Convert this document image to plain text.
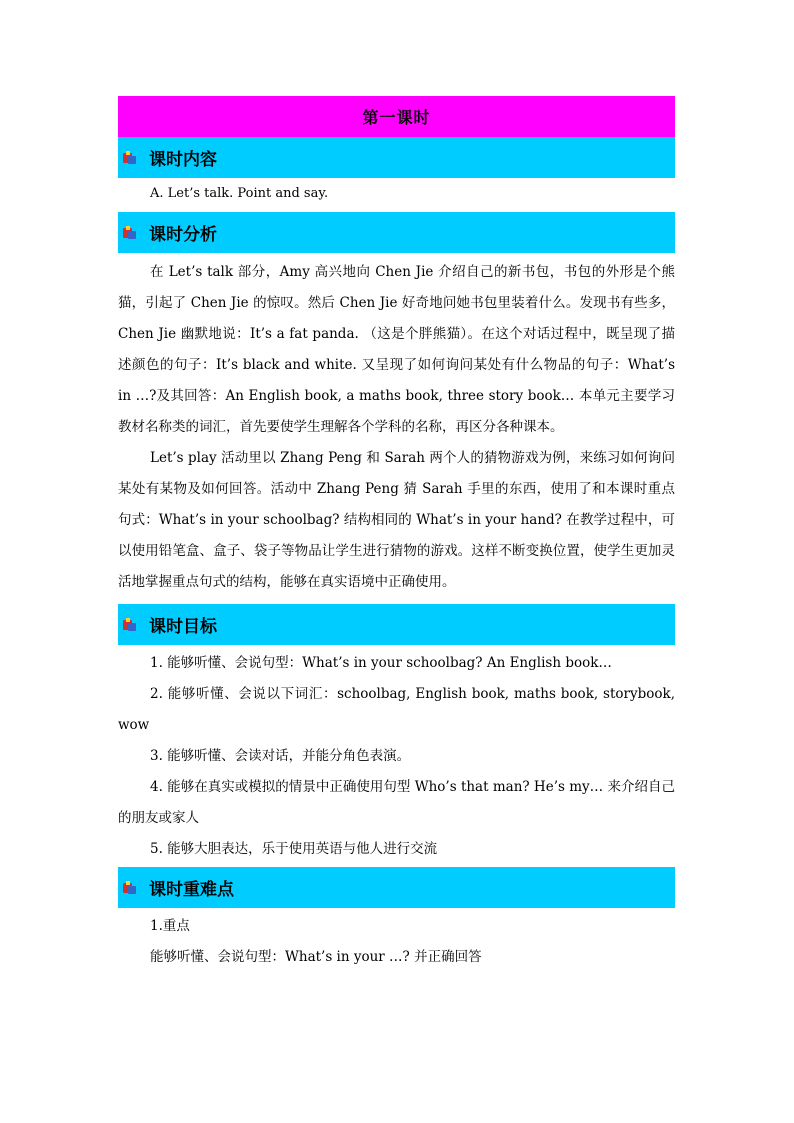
第一课时
课时内容
A. Let’s talk. Point and say.
课时分析

在 Let’s talk 部分，Amy 高兴地向 Chen Jie 介绍自己的新书包，书包的外形是个熊猫，引起了 Chen Jie 的惊叹。然后 Chen Jie 好奇地问她书包里装着什么。发现书有些多，Chen Jie 幽默地说：It’s a fat panda. （这是个胖熊猫）。在这个对话过程中，既呈现了描述颜色的句子：It’s black and white. 又呈现了如何询问某处有什么物品的句子：What’s in …?及其回答：An English book, a maths book, three story book… 本单元主要学习教材名称类的词汇，首先要使学生理解各个学科的名称，再区分各种课本。

Let’s play 活动里以 Zhang Peng 和 Sarah 两个人的猜物游戏为例，来练习如何询问某处有某物及如何回答。活动中 Zhang Peng 猜 Sarah 手里的东西，使用了和本课时重点句式：What’s in your schoolbag? 结构相同的 What’s in your hand? 在教学过程中，可以使用铅笔盒、盒子、袋子等物品让学生进行猜物的游戏。这样不断变换位置，使学生更加灵活地掌握重点句式的结构，能够在真实语境中正确使用。

课时目标

1. 能够听懂、会说句型：What’s in your schoolbag? An English book…

2. 能够听懂、会说以下词汇：schoolbag, English book, maths book, storybook, wow

3. 能够听懂、会读对话，并能分角色表演。

4. 能够在真实或模拟的情景中正确使用句型 Who’s that man? He’s my… 来介绍自己的朋友或家人

5. 能够大胆表达，乐于使用英语与他人进行交流

课时重难点

1.重点

能够听懂、会说句型：What’s in your …? 并正确回答
